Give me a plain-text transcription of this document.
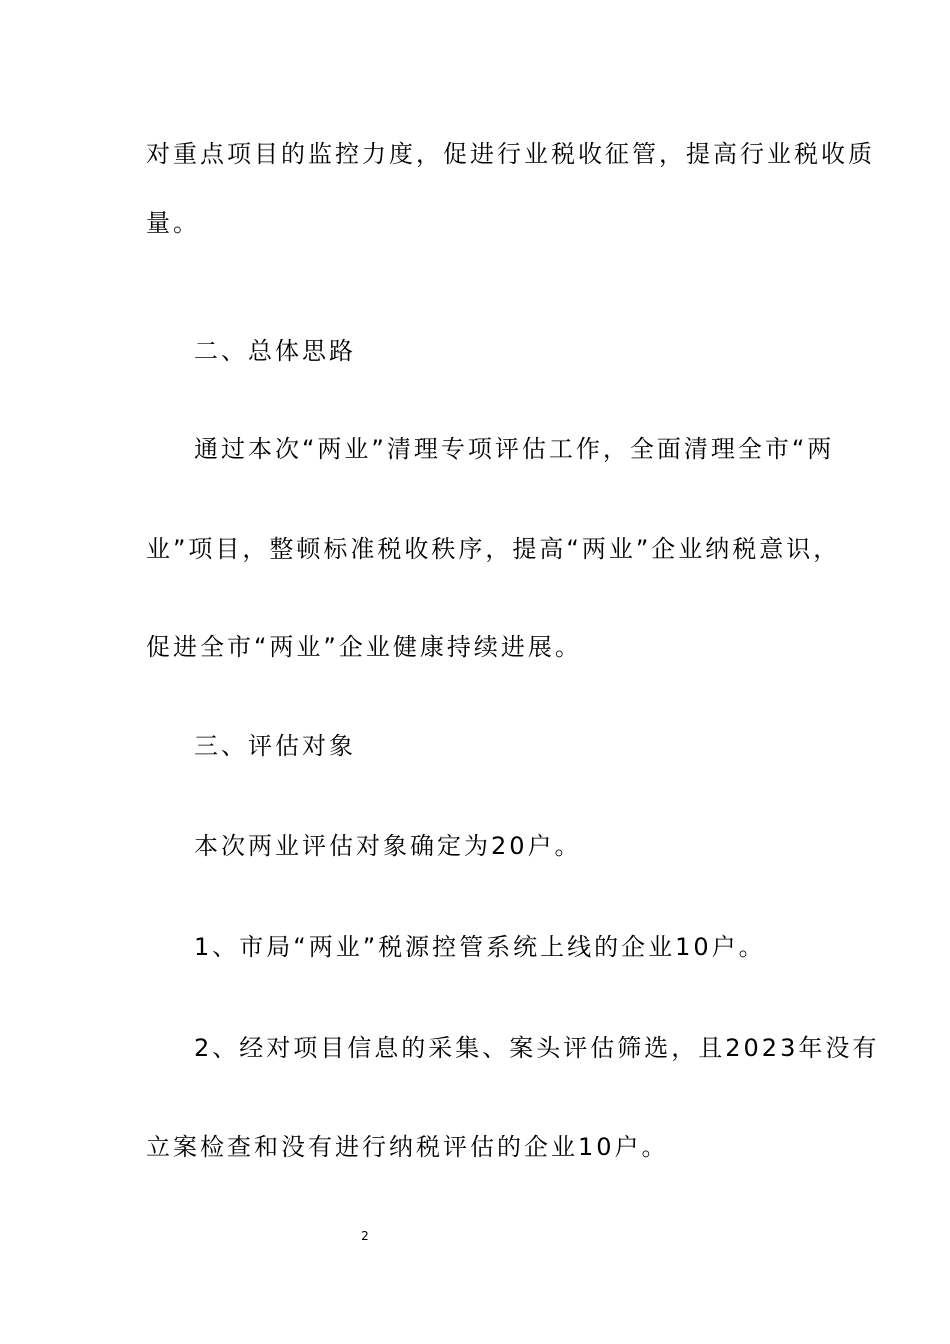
对重点项目的监控力度，促进行业税收征管，提高行业税收质
量。
二、总体思路
通过本次“两业”清理专项评估工作，全面清理全市“两
业”项目，整顿标准税收秩序，提高“两业”企业纳税意识，
促进全市“两业”企业健康持续进展。
三、评估对象
本次两业评估对象确定为20户。
1、市局“两业”税源控管系统上线的企业10户。
2、经对项目信息的采集、案头评估筛选，且2023年没有
立案检查和没有进行纳税评估的企业10户。
2
